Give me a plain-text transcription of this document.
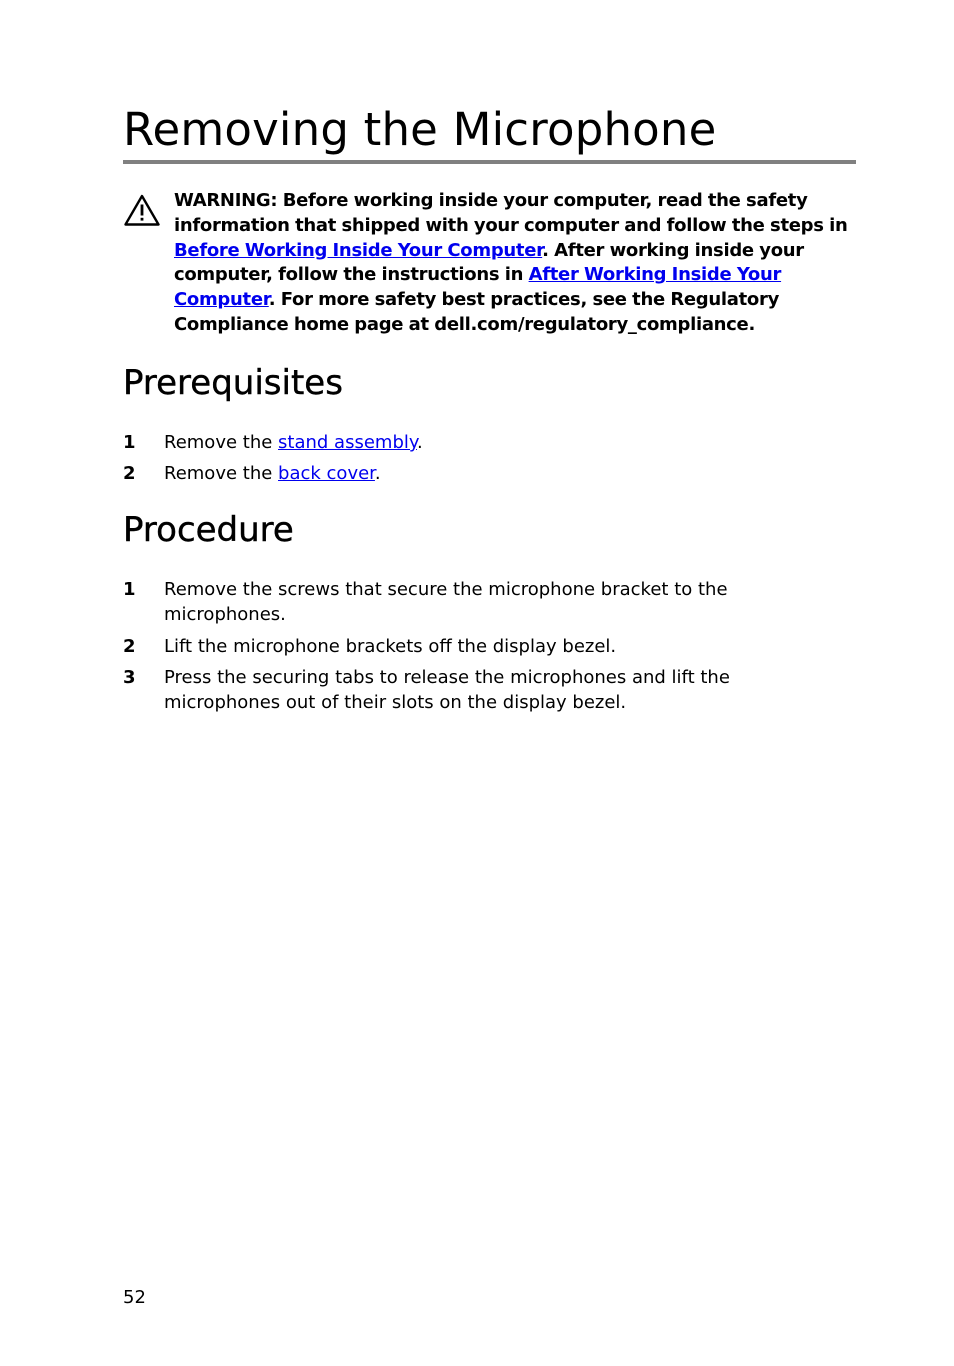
Removing the Microphone

WARNING: Before working inside your computer, read the safety information that shipped with your computer and follow the steps in Before Working Inside Your Computer. After working inside your computer, follow the instructions in After Working Inside Your Computer. For more safety best practices, see the Regulatory Compliance home page at dell.com/regulatory_compliance.

Prerequisites
1 Remove the stand assembly.
2 Remove the back cover.
Procedure
1 Remove the screws that secure the microphone bracket to the microphones.
2 Lift the microphone brackets off the display bezel.
3 Press the securing tabs to release the microphones and lift the microphones out of their slots on the display bezel.
52
